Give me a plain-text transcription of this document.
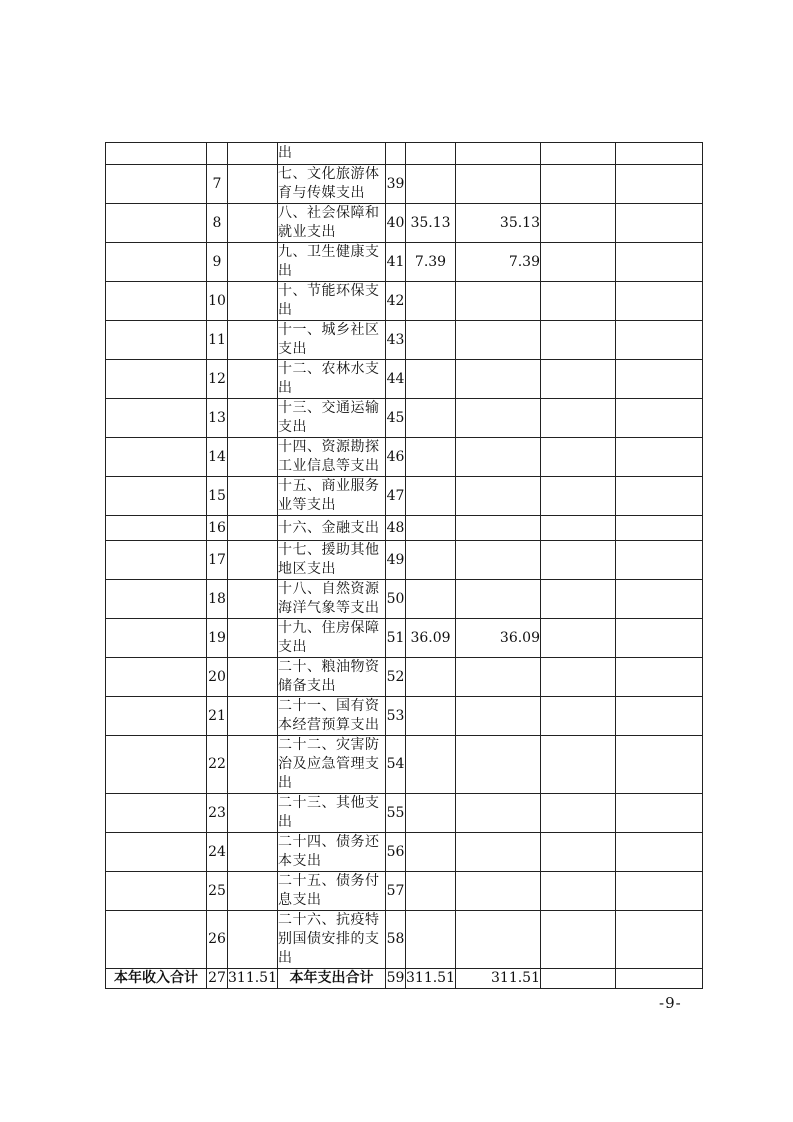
			出					
	7		七、文化旅游体育与传媒支出	39				
	8		八、社会保障和就业支出	40	35.13	35.13		
	9		九、卫生健康支出	41	7.39	7.39		
	10		十、节能环保支出	42				
	11		十一、城乡社区支出	43				
	12		十二、农林水支出	44				
	13		十三、交通运输支出	45				
	14		十四、资源勘探工业信息等支出	46				
	15		十五、商业服务业等支出	47				
	16		十六、金融支出	48				
	17		十七、援助其他地区支出	49				
	18		十八、自然资源海洋气象等支出	50				
	19		十九、住房保障支出	51	36.09	36.09		
	20		二十、粮油物资储备支出	52				
	21		二十一、国有资本经营预算支出	53				
	22		二十二、灾害防治及应急管理支出	54				
	23		二十三、其他支出	55				
	24		二十四、债务还本支出	56				
	25		二十五、债务付息支出	57				
	26		二十六、抗疫特别国债安排的支出	58				
本年收入合计	27	311.51	本年支出合计	59	311.51	311.51		
-9-
